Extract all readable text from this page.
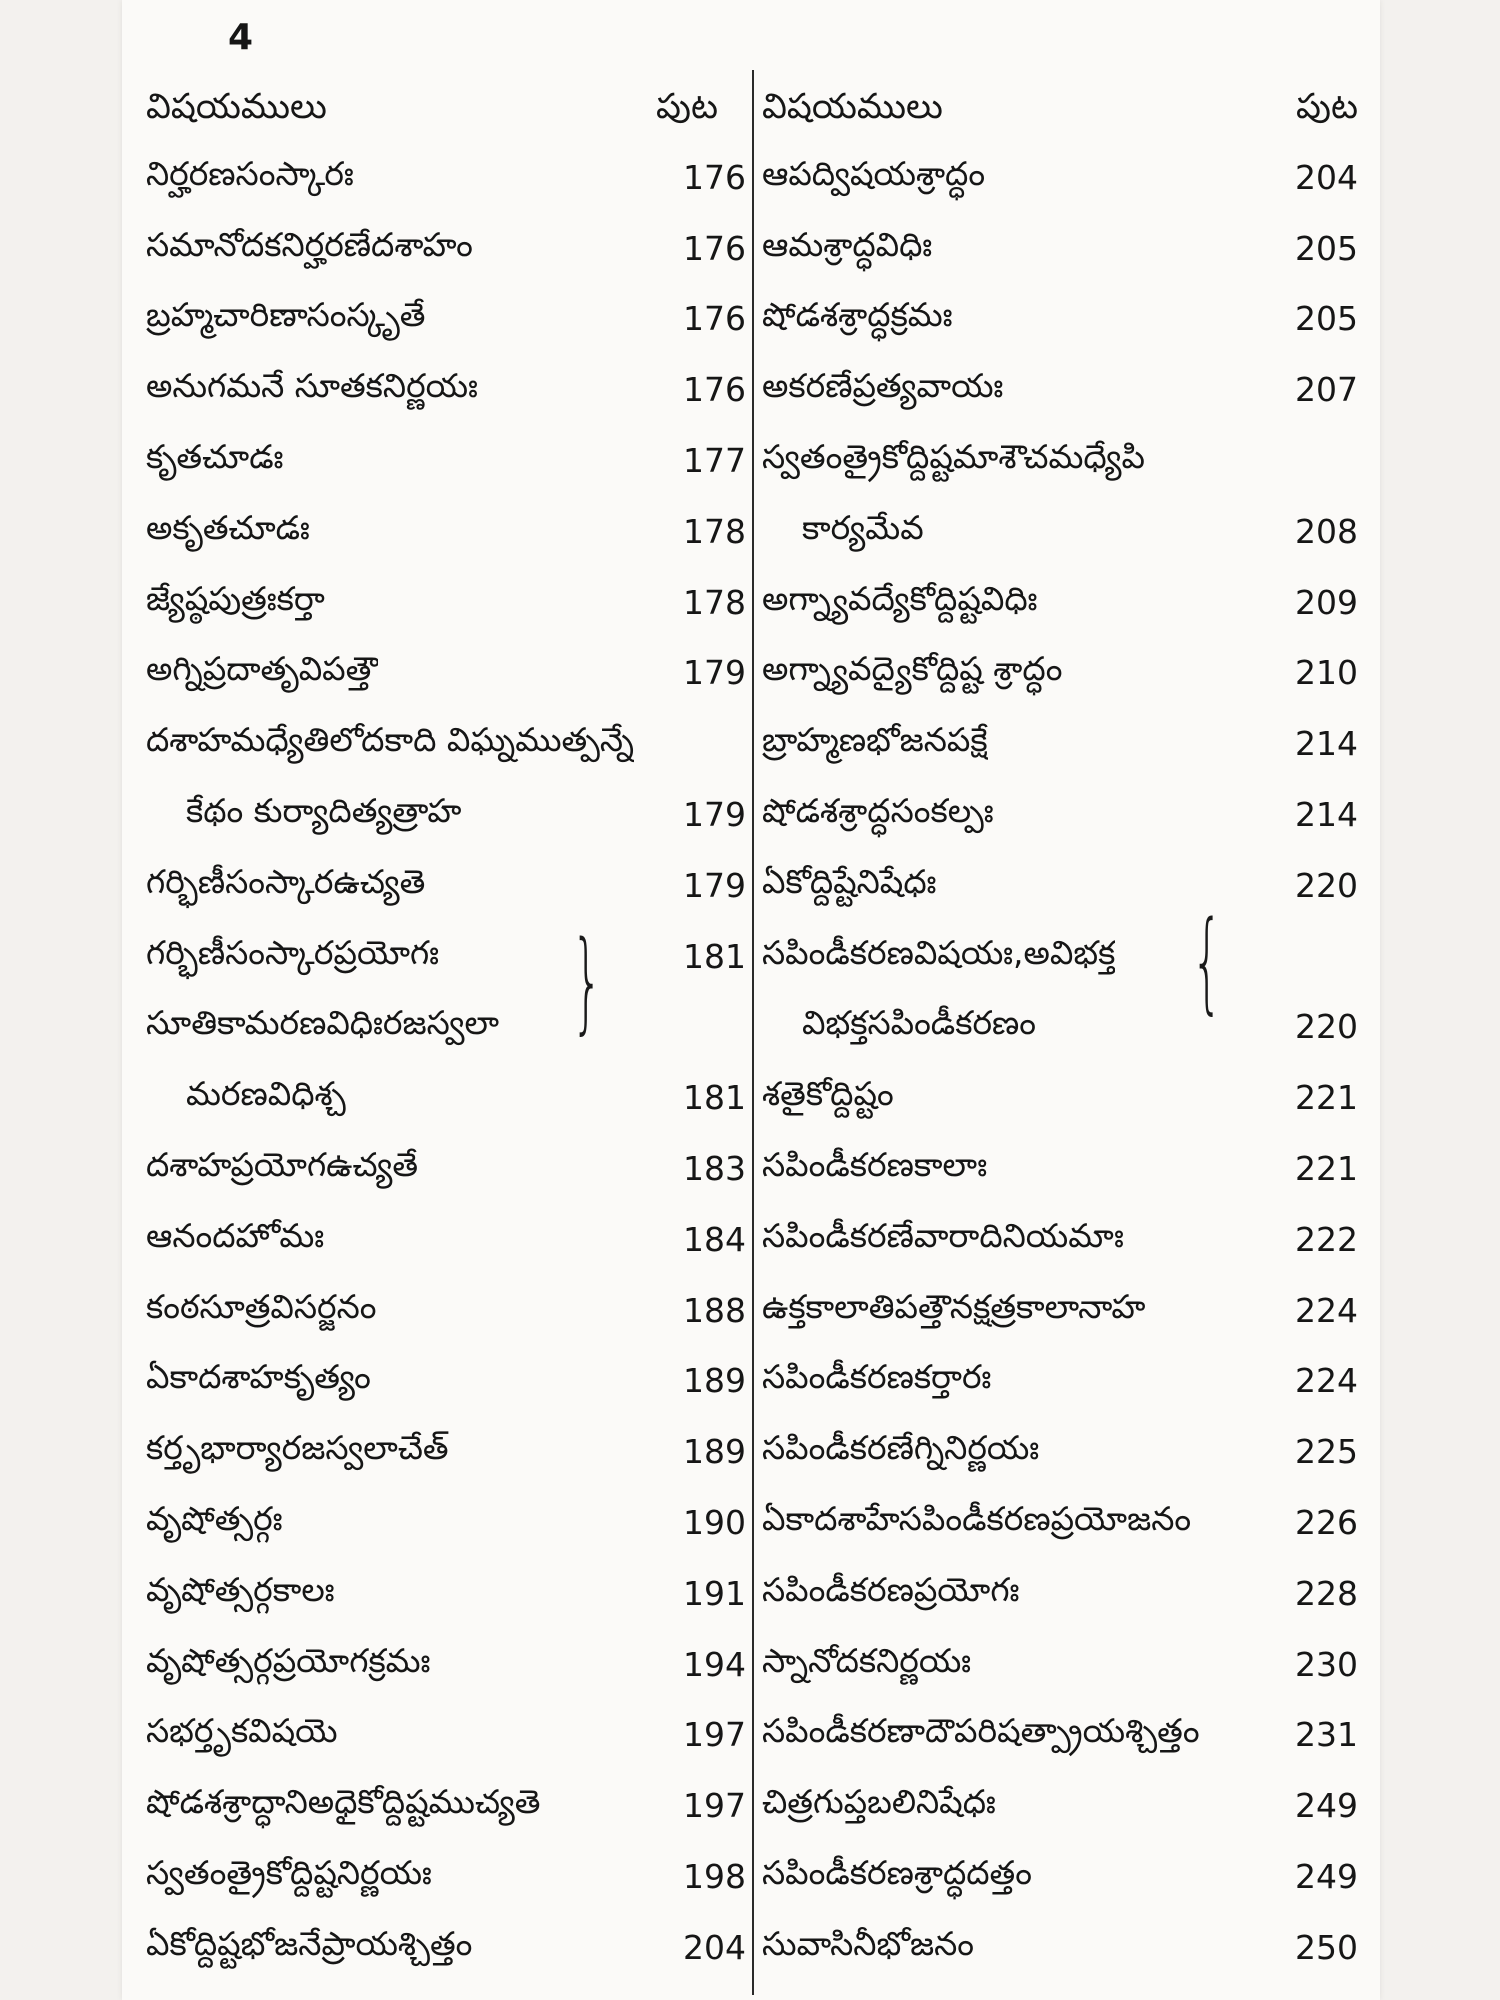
4
విషయములు	పుట
నిర్హరణసంస్కారః	176
సమానోదకనిర్హరణేదశాహం	176
బ్రహ్మచారిణాసంస్కృతే	176
అనుగమనే సూతకనిర్ణయః	176
కృతచూడః	177
అకృతచూడః	178
జ్యేష్ఠపుత్రఃకర్తా	178
అగ్నిప్రదాతృవిపత్తౌ	179
దశాహమధ్యేతిలోదకాది విఘ్నముత్పన్నే
కేథం కుర్యాదిత్యత్రాహ	179
గర్భిణీసంస్కారఉచ్యతె	179
గర్భిణీసంస్కారప్రయోగః	181
సూతికామరణవిధిఃరజస్వలా
మరణవిధిశ్చ	181
దశాహప్రయోగఉచ్యతే	183
ఆనందహోమః	184
కంఠసూత్రవిసర్జనం	188
ఏకాదశాహకృత్యం	189
కర్తృభార్యారజస్వలాచేత్	189
వృషోత్సర్గః	190
వృషోత్సర్గకాలః	191
వృషోత్సర్గప్రయోగక్రమః	194
సభర్తృకవిషయె	197
షోడశశ్రాద్ధానిఅధైకోద్దిష్టముచ్యతె	197
స్వతంత్రైకోద్దిష్టనిర్ణయః	198
ఏకోద్దిష్టభోజనేప్రాయశ్చిత్తం	204
విషయములు	పుట
ఆపద్విషయశ్రాద్ధం	204
ఆమశ్రాద్ధవిధిః	205
షోడశశ్రాద్ధక్రమః	205
అకరణేప్రత్యవాయః	207
స్వతంత్రైకోద్దిష్టమాశౌచమధ్యేపి
కార్యమేవ	208
అగ్న్యావద్యేకోద్దిష్టవిధిః	209
అగ్న్యావద్యైకోద్దిష్ట శ్రాద్ధం	210
బ్రాహ్మణభోజనపక్షే	214
షోడశశ్రాద్ధసంకల్పః	214
ఏకోద్దిష్టేనిషేధః	220
సపిండీకరణవిషయః,అవిభక్త
విభక్తసపిండీకరణం	220
శతైకోద్దిష్టం	221
సపిండీకరణకాలాః	221
సపిండీకరణేవారాదినియమాః	222
ఉక్తకాలాతిపత్తౌనక్షత్రకాలానాహ	224
సపిండీకరణకర్తారః	224
సపిండీకరణేగ్నినిర్ణయః	225
ఏకాదశాహేసపిండీకరణప్రయోజనం	226
సపిండీకరణప్రయోగః	228
స్నానోదకనిర్ణయః	230
సపిండీకరణాదౌపరిషత్ప్రాయశ్చిత్తం	231
చిత్రగుప్తబలినిషేధః	249
సపిండీకరణశ్రాద్ధదత్తం	249
సువాసినీభోజనం	250
}	{
